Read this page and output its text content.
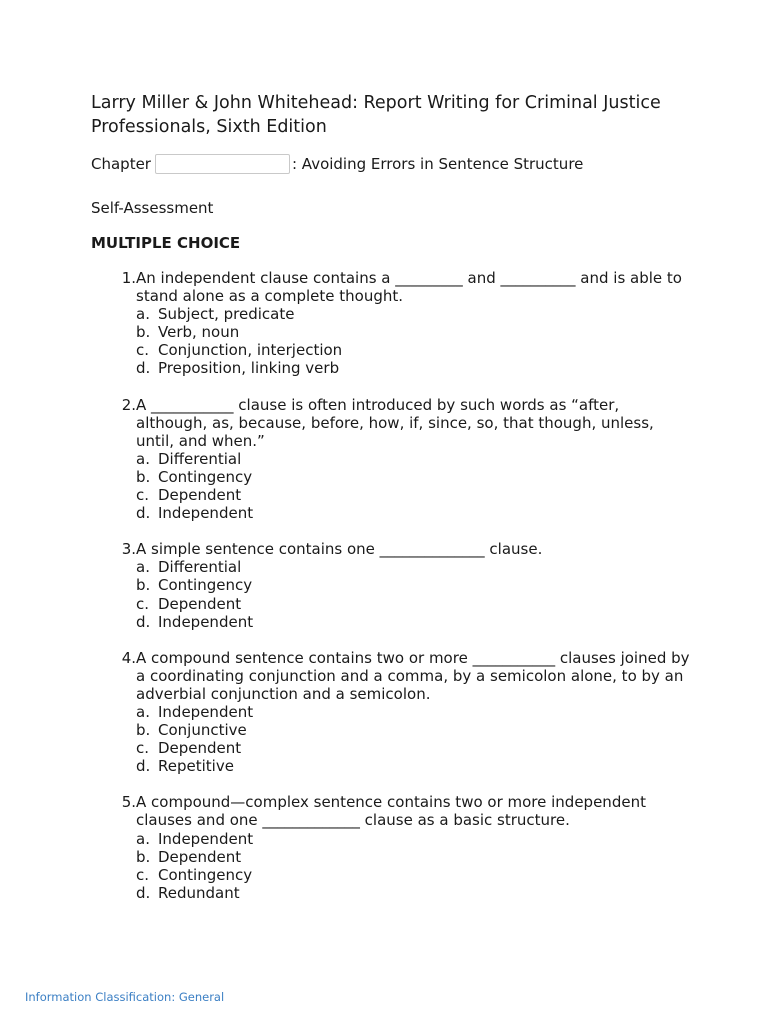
Larry Miller & John Whitehead: Report Writing for Criminal Justice Professionals, Sixth Edition
Chapter	: Avoiding Errors in Sentence Structure
Self-Assessment
MULTIPLE CHOICE
1. An independent clause contains a _________ and __________ and is able to stand alone as a complete thought.

a. Subject, predicate
b. Verb, noun
c. Conjunction, interjection
d. Preposition, linking verb
2. A ___________ clause is often introduced by such words as “after, although, as, because, before, how, if, since, so, that though, unless, until, and when.”

a. Differential
b. Contingency
c. Dependent
d. Independent
3. A simple sentence contains one ______________ clause.

a. Differential
b. Contingency
c. Dependent
d. Independent
4. A compound sentence contains two or more ___________ clauses joined by a coordinating conjunction and a comma, by a semicolon alone, to by an adverbial conjunction and a semicolon.

a. Independent
b. Conjunctive
c. Dependent
d. Repetitive
5. A compound—complex sentence contains two or more independent clauses and one _____________ clause as a basic structure.

a. Independent
b. Dependent
c. Contingency
d. Redundant
Information Classification: General
